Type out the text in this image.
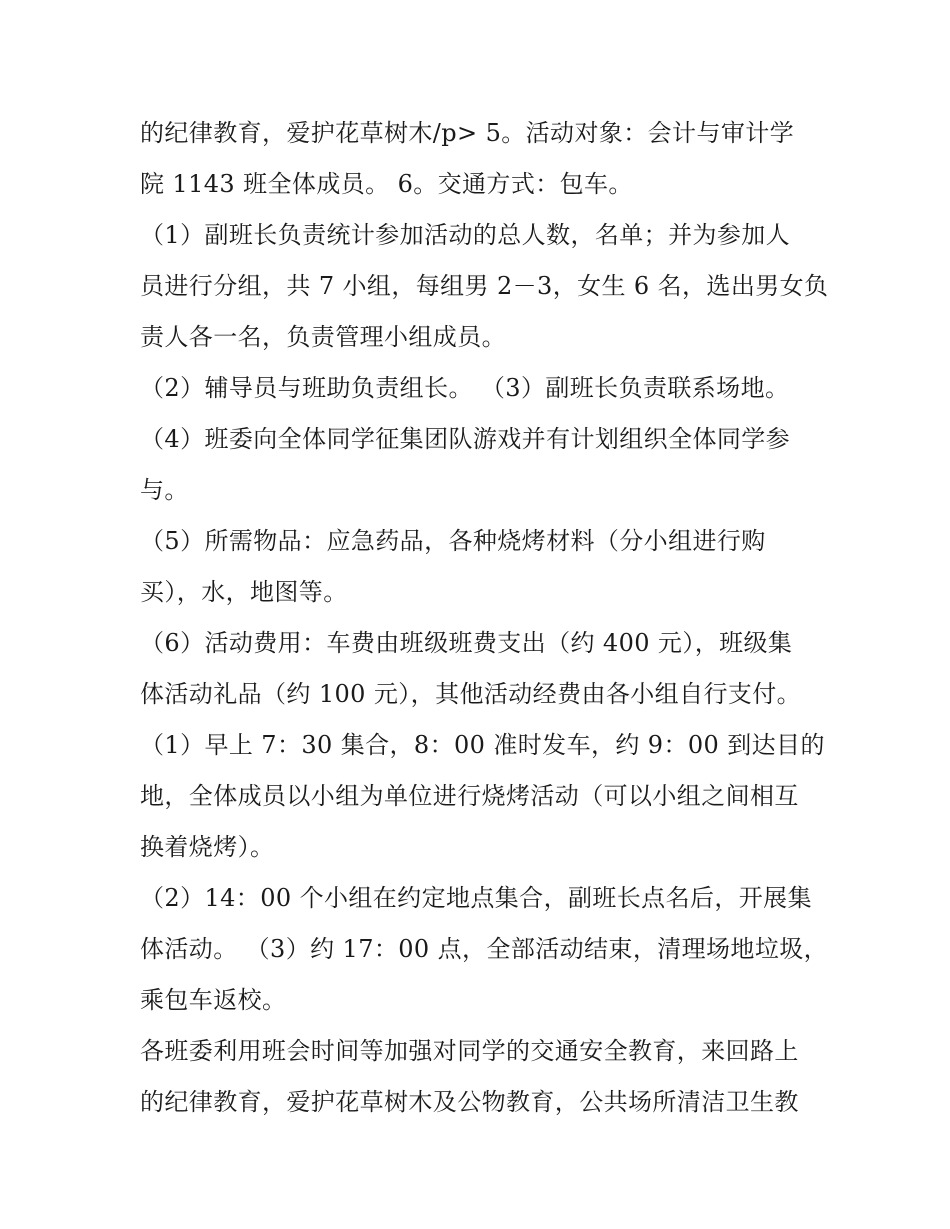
的纪律教育，爱护花草树木/p> 5。活动对象：会计与审计学
院 1143 班全体成员。 6。交通方式：包车。
（1）副班长负责统计参加活动的总人数，名单；并为参加人
员进行分组，共 7 小组，每组男 2－3，女生 6 名，选出男女负
责人各一名，负责管理小组成员。
（2）辅导员与班助负责组长。 （3）副班长负责联系场地。
（4）班委向全体同学征集团队游戏并有计划组织全体同学参
与。
（5）所需物品：应急药品，各种烧烤材料（分小组进行购
买），水，地图等。
（6）活动费用：车费由班级班费支出（约 400 元），班级集
体活动礼品（约 100 元），其他活动经费由各小组自行支付。
（1）早上 7：30 集合，8：00 准时发车，约 9：00 到达目的
地，全体成员以小组为单位进行烧烤活动（可以小组之间相互
换着烧烤）。
（2）14：00 个小组在约定地点集合，副班长点名后，开展集
体活动。 （3）约 17：00 点，全部活动结束，清理场地垃圾，
乘包车返校。
各班委利用班会时间等加强对同学的交通安全教育，来回路上
的纪律教育，爱护花草树木及公物教育，公共场所清洁卫生教
